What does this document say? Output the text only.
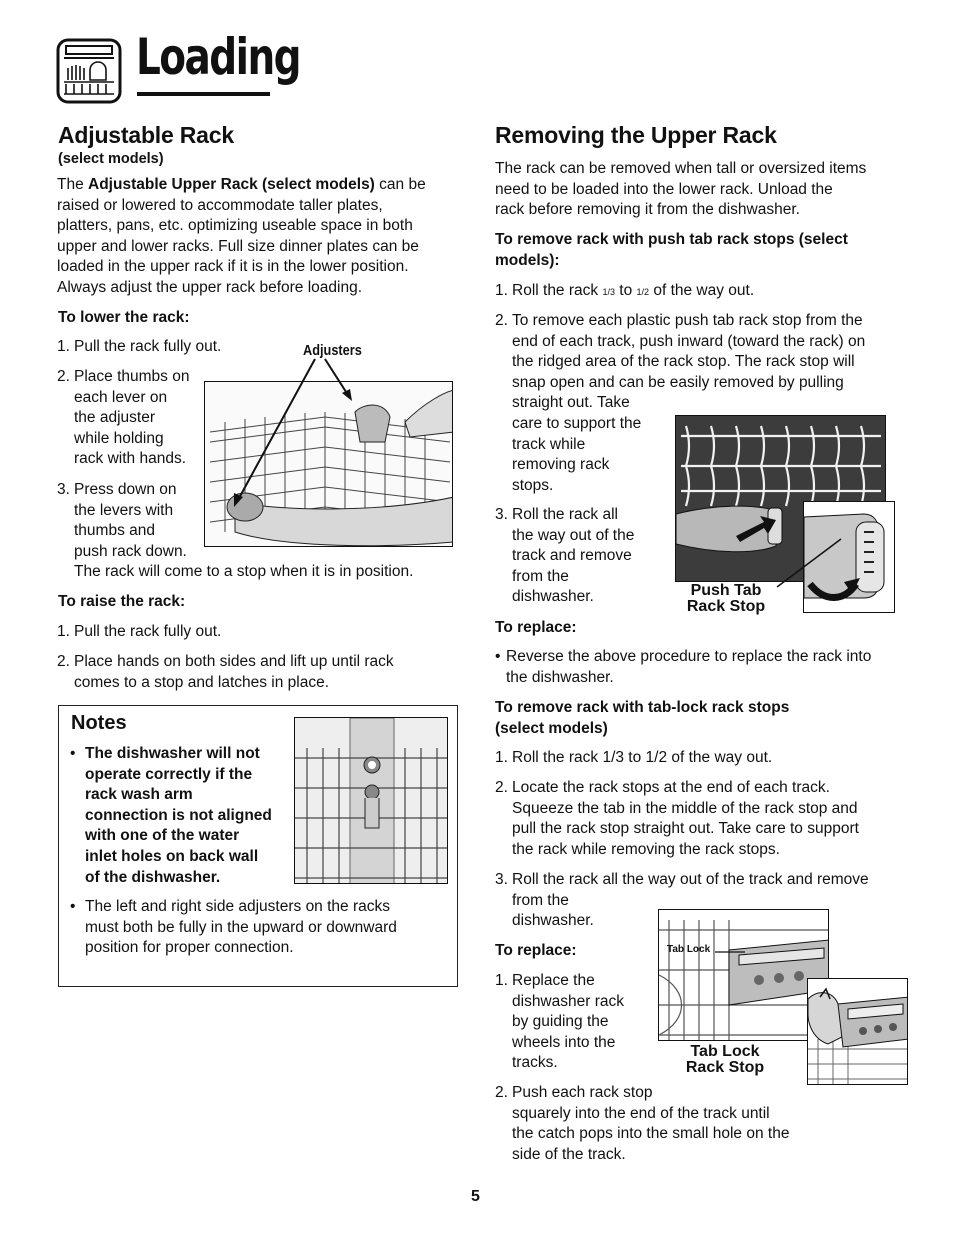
Loading
Adjustable Rack
(select models)
The Adjustable Upper Rack (select models) can be
raised or lowered to accommodate taller plates,
platters, pans, etc. optimizing useable space in both
upper and lower racks. Full size dinner plates can be
loaded in the upper rack if it is in the lower position.
Always adjust the upper rack before loading.
To lower the rack:
1. Pull the rack fully out.
2. Place thumbs on
each lever on
the adjuster
while holding
rack with hands.
3. Press down on
the levers with
thumbs and
push rack down.
The rack will come to a stop when it is in position.
Adjusters
To raise the rack:
1. Pull the rack fully out.
2. Place hands on both sides and lift up until rack
comes to a stop and latches in place.
Notes
• The dishwasher will not
operate correctly if the
rack wash arm
connection is not aligned
with one of the water
inlet holes on back wall
of the dishwasher.
• The left and right side adjusters on the racks
must both be fully in the upward or downward
position for proper connection.
Removing the Upper Rack
The rack can be removed when tall or oversized items
need to be loaded into the lower rack. Unload the
rack before removing it from the dishwasher.
To remove rack with push tab rack stops (select
models):
1. Roll the rack 1/3 to 1/2 of the way out.
2. To remove each plastic push tab rack stop from the
end of each track, push inward (toward the rack) on
the ridged area of the rack stop. The rack stop will
snap open and can be easily removed by pulling
straight out. Take
care to support the
track while
removing rack
stops.
3. Roll the rack all
the way out of the
track and remove
from the
dishwasher.	Push Tab
Rack Stop
To replace:
• Reverse the above procedure to replace the rack into
the dishwasher.
To remove rack with tab-lock rack stops
(select models)
1. Roll the rack 1/3 to 1/2 of the way out.
2. Locate the rack stops at the end of each track.
Squeeze the tab in the middle of the rack stop and
pull the rack stop straight out. Take care to support
the rack while removing the rack stops.
3. Roll the rack all the way out of the track and remove
from the
dishwasher.
To replace:
1. Replace the
dishwasher rack
by guiding the
wheels into the
tracks.
2. Push each rack stop
squarely into the end of the track until
the catch pops into the small hole on the
side of the track.
Tab Lock
Tab Lock
Rack Stop
5
